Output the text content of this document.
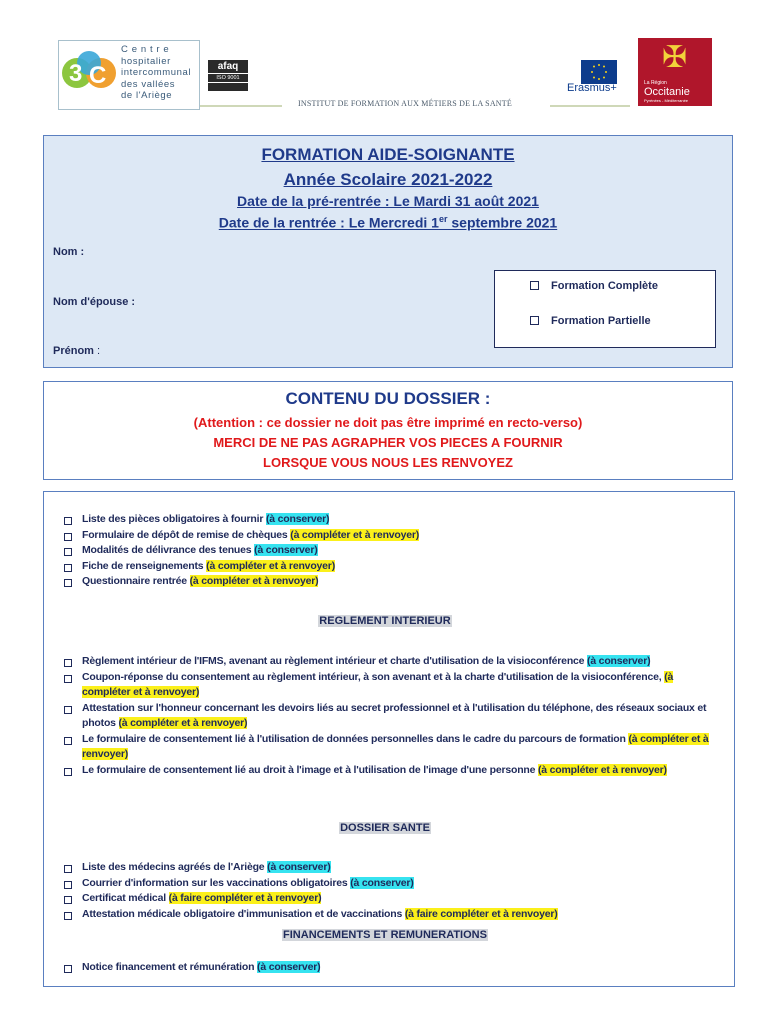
3 C
C e n t r e
hospitalier
intercommunal
des vallées
de l'Ariège
afaq
ISO 9001
INSTITUT DE FORMATION AUX MÉTIERS DE LA SANTÉ
Erasmus+
✠
La Région
Occitanie
Pyrénées - Méditerranée
FORMATION AIDE-SOIGNANTE
Année Scolaire 2021-2022
Date de la pré-rentrée : Le Mardi 31 août 2021
Date de la rentrée : Le Mercredi 1er septembre 2021
Nom :
Nom d'épouse :
Prénom :
Formation Complète
Formation Partielle
CONTENU DU DOSSIER :
(Attention : ce dossier ne doit pas être imprimé en recto-verso)
MERCI DE NE PAS AGRAPHER VOS PIECES A FOURNIR
LORSQUE VOUS NOUS LES RENVOYEZ
Liste des pièces obligatoires à fournir (à conserver)
Formulaire de dépôt de remise de chèques (à compléter et à renvoyer)
Modalités de délivrance des tenues (à conserver)
Fiche de renseignements (à compléter et à renvoyer)
Questionnaire rentrée (à compléter et à renvoyer)
REGLEMENT INTERIEUR
Règlement intérieur de l'IFMS, avenant au règlement intérieur et charte d'utilisation de la visioconférence (à conserver)
Coupon-réponse du consentement au règlement intérieur, à son avenant et à la charte d'utilisation de la visioconférence, (à compléter et à renvoyer)
Attestation sur l'honneur concernant les devoirs liés au secret professionnel et à l'utilisation du téléphone, des réseaux sociaux et photos (à compléter et à renvoyer)
Le formulaire de consentement lié à l'utilisation de données personnelles dans le cadre du parcours de formation (à compléter et à renvoyer)
Le formulaire de consentement lié au droit à l'image et à l'utilisation de l'image d'une personne (à compléter et à renvoyer)
DOSSIER SANTE
Liste des médecins agréés de l'Ariège (à conserver)
Courrier d'information sur les vaccinations obligatoires (à conserver)
Certificat médical (à faire compléter et à renvoyer)
Attestation médicale obligatoire d'immunisation et de vaccinations (à faire compléter et à renvoyer)
FINANCEMENTS ET REMUNERATIONS
Notice financement et rémunération (à conserver)
